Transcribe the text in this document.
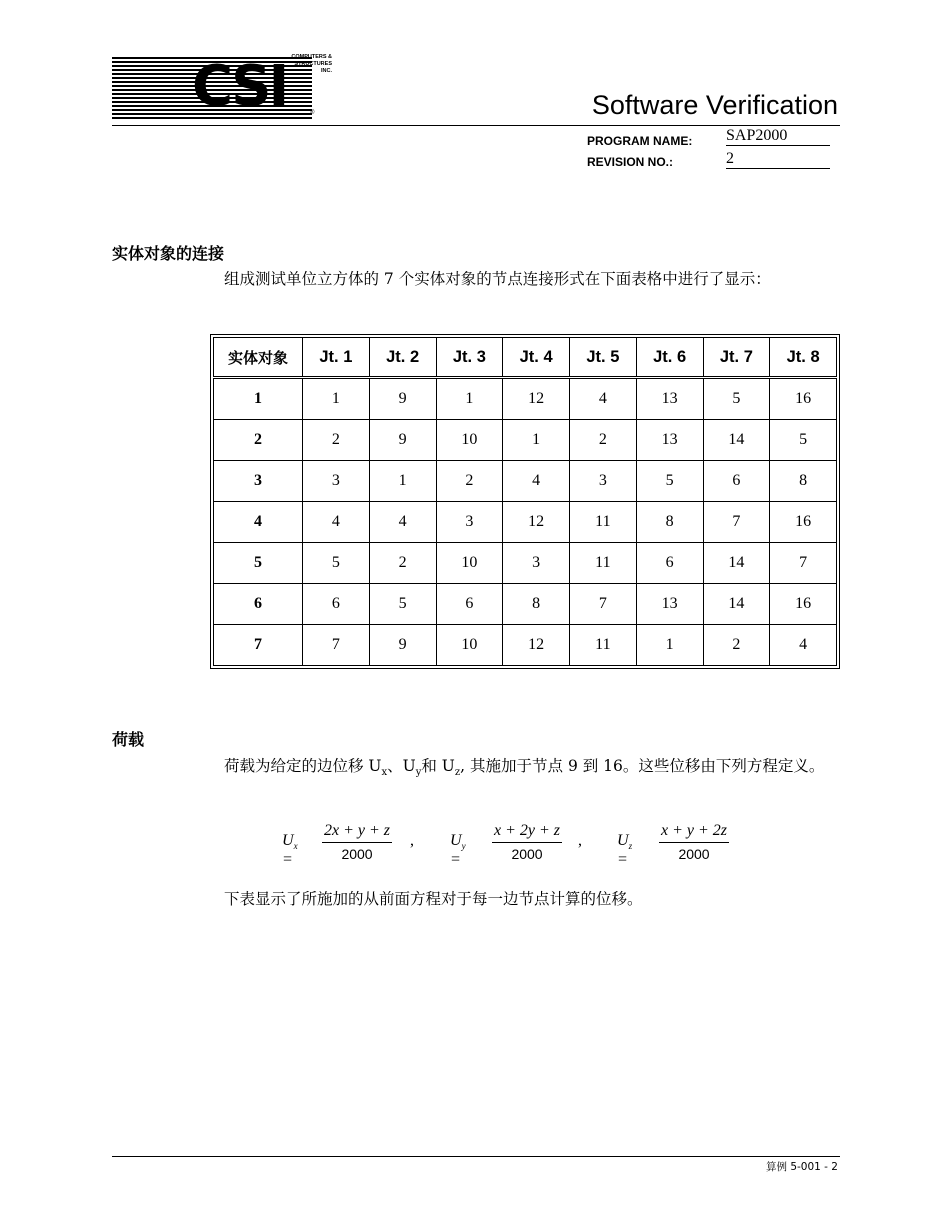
CSI COMPUTERS &
STRUCTURES
INC.
®	Software Verification
PROGRAM NAME: SAP2000
REVISION NO.:	2
实体对象的连接
组成测试单位立方体的 7 个实体对象的节点连接形式在下面表格中进行了显示：
实体对象	Jt. 1	Jt. 2	Jt. 3	Jt. 4	Jt. 5	Jt. 6	Jt. 7	Jt. 8
1	1	9	1	12	4	13	5	16
2	2	9	10	1	2	13	14	5
3	3	1	2	4	3	5	6	8
4	4	4	3	12	11	8	7	16
5	5	2	10	3	11	6	14	7
6	6	5	6	8	7	13	14	16
7	7	9	10	12	11	1	2	4
荷载
荷载为给定的边位移 $U_x$、$U_y$和 $U_z$, 其施加于节点 9 到 16。这些位移由下列方程定义。
$U_x = \frac{2x + y + z}{2000}$ , $U_y = \frac{x + 2y + z}{2000}$ , $U_z = \frac{x + y + 2z}{2000}$
下表显示了所施加的从前面方程对于每一边节点计算的位移。
算例 5-001 - 2
